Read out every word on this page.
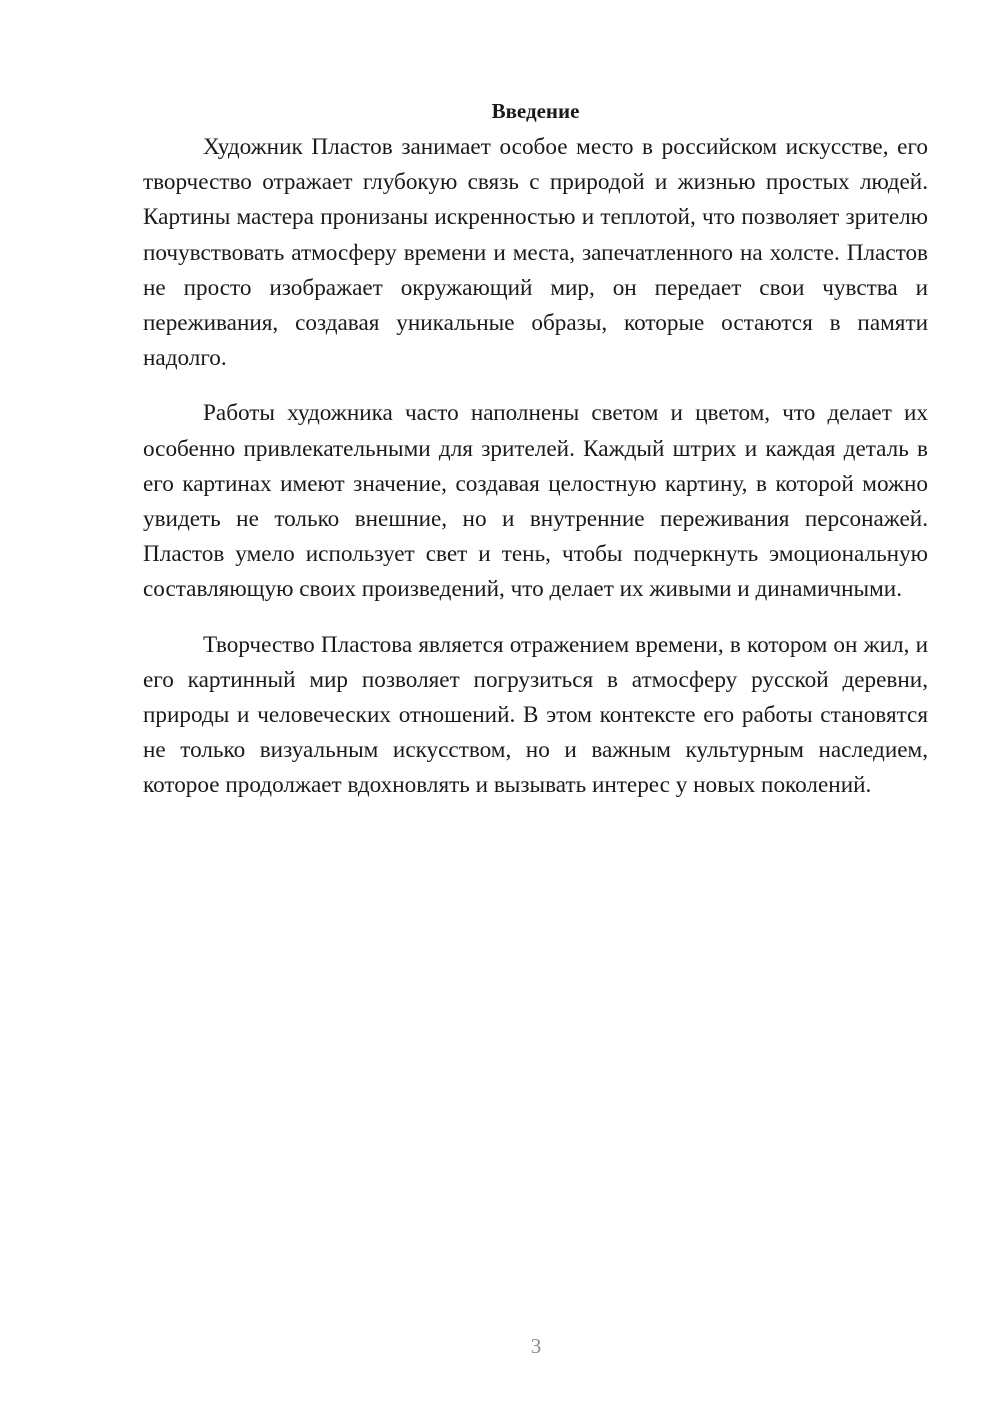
Введение

Художник Пластов занимает особое место в российском искусстве, его творчество отражает глубокую связь с природой и жизнью простых людей. Картины мастера пронизаны искренностью и теплотой, что позволяет зрителю почувствовать атмосферу времени и места, запечатленного на холсте. Пластов не просто изображает окружающий мир, он передает свои чувства и переживания, создавая уникальные образы, которые остаются в памяти надолго.

Работы художника часто наполнены светом и цветом, что делает их особенно привлекательными для зрителей. Каждый штрих и каждая деталь в его картинах имеют значение, создавая целостную картину, в которой можно увидеть не только внешние, но и внутренние переживания персонажей. Пластов умело использует свет и тень, чтобы подчеркнуть эмоциональную составляющую своих произведений, что делает их живыми и динамичными.

Творчество Пластова является отражением времени, в котором он жил, и его картинный мир позволяет погрузиться в атмосферу русской деревни, природы и человеческих отношений. В этом контексте его работы становятся не только визуальным искусством, но и важным культурным наследием, которое продолжает вдохновлять и вызывать интерес у новых поколений.

3
